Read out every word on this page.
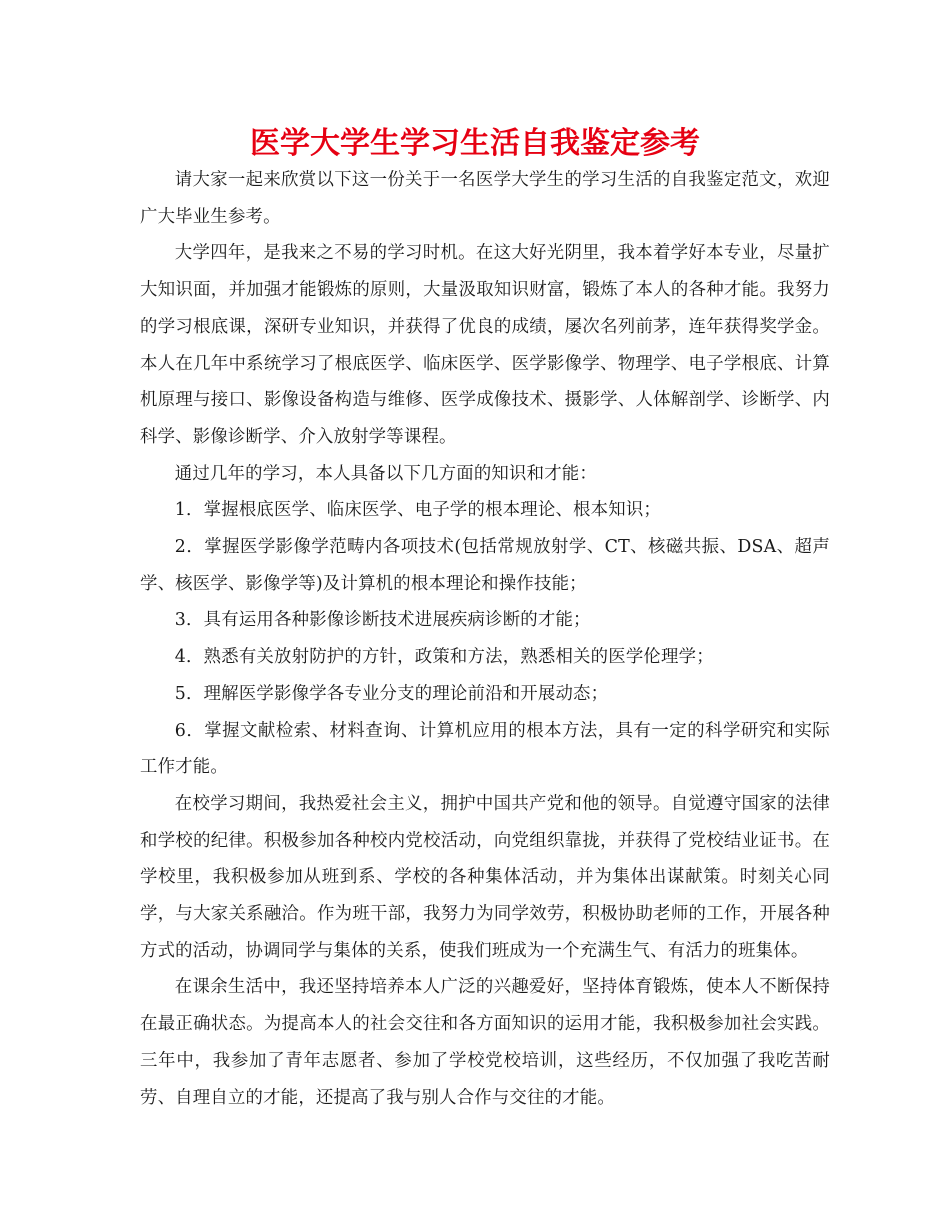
医学大学生学习生活自我鉴定参考

请大家一起来欣赏以下这一份关于一名医学大学生的学习生活的自我鉴定范文，欢迎广大毕业生参考。

大学四年，是我来之不易的学习时机。在这大好光阴里，我本着学好本专业，尽量扩大知识面，并加强才能锻炼的原则，大量汲取知识财富，锻炼了本人的各种才能。我努力的学习根底课，深研专业知识，并获得了优良的成绩，屡次名列前茅，连年获得奖学金。本人在几年中系统学习了根底医学、临床医学、医学影像学、物理学、电子学根底、计算机原理与接口、影像设备构造与维修、医学成像技术、摄影学、人体解剖学、诊断学、内科学、影像诊断学、介入放射学等课程。

通过几年的学习，本人具备以下几方面的知识和才能：

1．掌握根底医学、临床医学、电子学的根本理论、根本知识；

2．掌握医学影像学范畴内各项技术(包括常规放射学、CT、核磁共振、DSA、超声学、核医学、影像学等)及计算机的根本理论和操作技能；

3．具有运用各种影像诊断技术进展疾病诊断的才能；

4．熟悉有关放射防护的方针，政策和方法，熟悉相关的医学伦理学；

5．理解医学影像学各专业分支的理论前沿和开展动态；

6．掌握文献检索、材料查询、计算机应用的根本方法，具有一定的科学研究和实际工作才能。

在校学习期间，我热爱社会主义，拥护中国共产党和他的领导。自觉遵守国家的法律和学校的纪律。积极参加各种校内党校活动，向党组织靠拢，并获得了党校结业证书。在学校里，我积极参加从班到系、学校的各种集体活动，并为集体出谋献策。时刻关心同学，与大家关系融洽。作为班干部，我努力为同学效劳，积极协助老师的工作，开展各种方式的活动，协调同学与集体的关系，使我们班成为一个充满生气、有活力的班集体。

在课余生活中，我还坚持培养本人广泛的兴趣爱好，坚持体育锻炼，使本人不断保持在最正确状态。为提高本人的社会交往和各方面知识的运用才能，我积极参加社会实践。三年中，我参加了青年志愿者、参加了学校党校培训，这些经历，不仅加强了我吃苦耐劳、自理自立的才能，还提高了我与别人合作与交往的才能。
